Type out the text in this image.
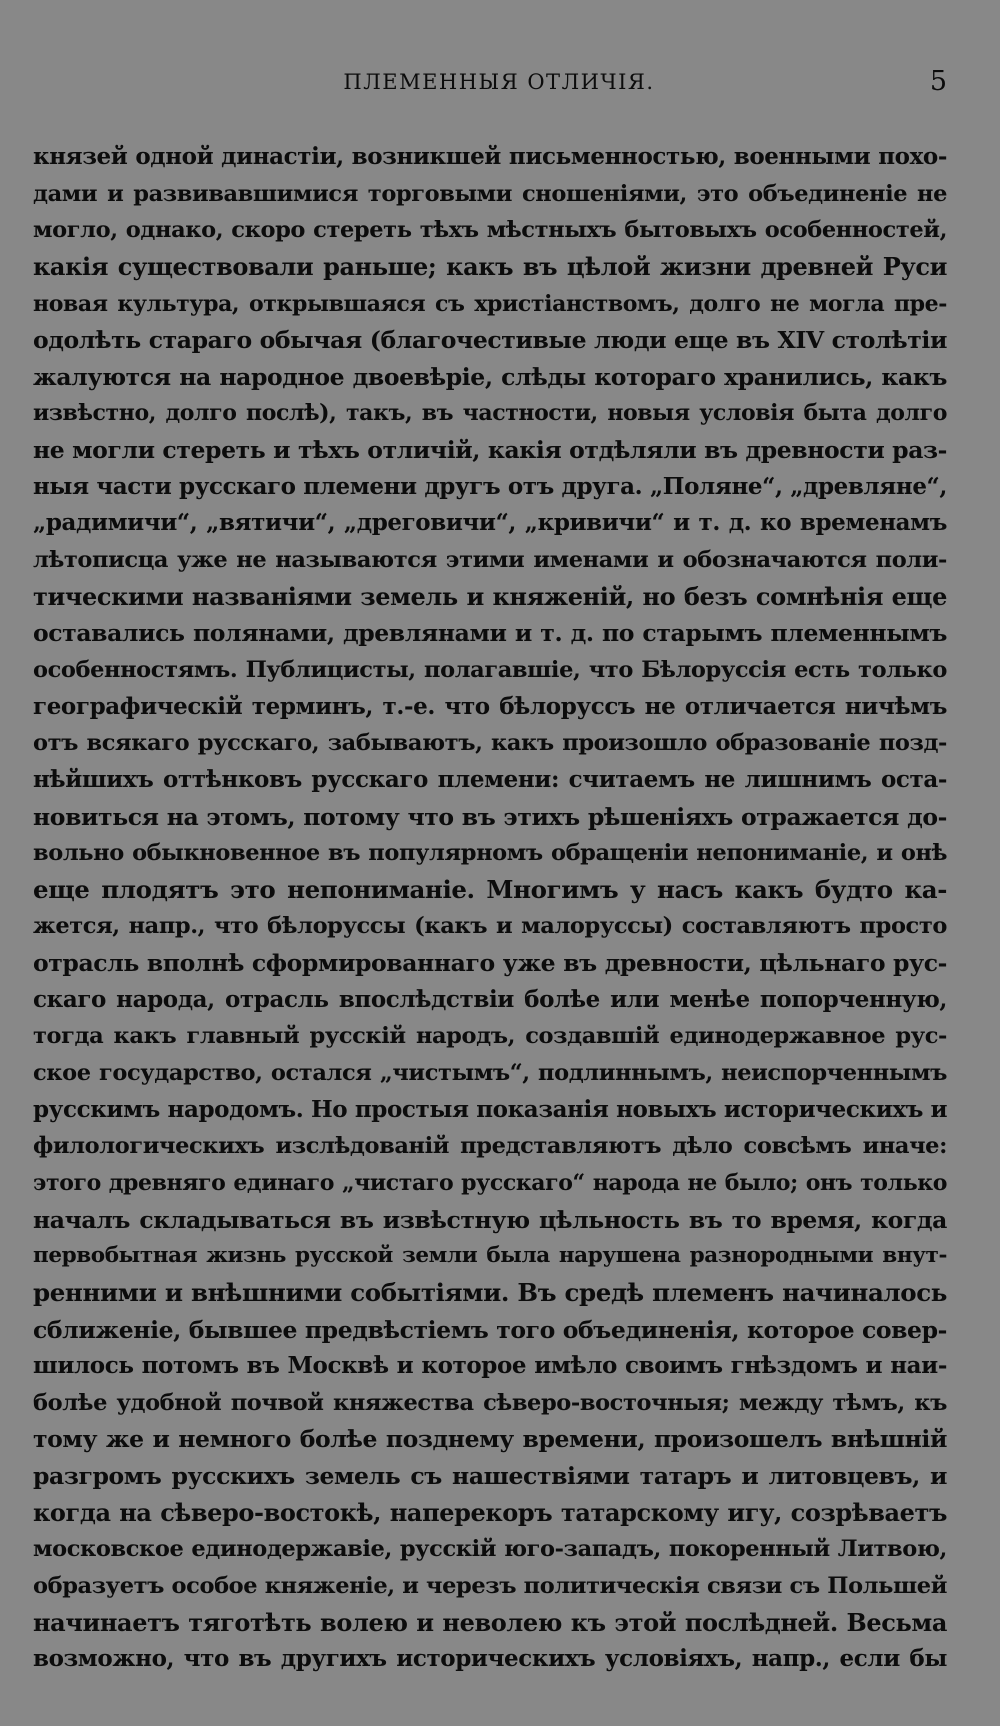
ПЛЕМЕННЫЯ ОТЛИЧІЯ.	5
князей одной династіи, возникшей письменностью, военными похо-
дами и развивавшимися торговыми сношеніями, это объединеніе не
могло, однако, скоро стереть тѣхъ мѣстныхъ бытовыхъ особенностей,
какія существовали раньше; какъ въ цѣлой жизни древней Руси
новая культура, открывшаяся съ христіанствомъ, долго не могла пре-
одолѣть стараго обычая (благочестивые люди еще въ XIV столѣтіи
жалуются на народное двоевѣріе, слѣды котораго хранились, какъ
извѣстно, долго послѣ), такъ, въ частности, новыя условія быта долго
не могли стереть и тѣхъ отличій, какія отдѣляли въ древности раз-
ныя части русскаго племени другъ отъ друга. „Поляне“, „древляне“,
„радимичи“, „вятичи“, „дреговичи“, „кривичи“ и т. д. ко временамъ
лѣтописца уже не называются этими именами и обозначаются поли-
тическими названіями земель и княженій, но безъ сомнѣнія еще
оставались полянами, древлянами и т. д. по старымъ племеннымъ
особенностямъ. Публицисты, полагавшіе, что Бѣлоруссія есть только
географическій терминъ, т.-е. что бѣлоруссъ не отличается ничѣмъ
отъ всякаго русскаго, забываютъ, какъ произошло образованіе позд-
нѣйшихъ оттѣнковъ русскаго племени: считаемъ не лишнимъ оста-
новиться на этомъ, потому что въ этихъ рѣшеніяхъ отражается до-
вольно обыкновенное въ популярномъ обращеніи непониманіе, и онѣ
еще плодятъ это непониманіе. Многимъ у насъ какъ будто ка-
жется, напр., что бѣлоруссы (какъ и малоруссы) составляютъ просто
отрасль вполнѣ сформированнаго уже въ древности, цѣльнаго рус-
скаго народа, отрасль впослѣдствіи болѣе или менѣе попорченную,
тогда какъ главный русскій народъ, создавшій единодержавное рус-
ское государство, остался „чистымъ“, подлиннымъ, неиспорченнымъ
русскимъ народомъ. Но простыя показанія новыхъ историческихъ и
филологическихъ изслѣдованій представляютъ дѣло совсѣмъ иначе:
этого древняго единаго „чистаго русскаго“ народа не было; онъ только
началъ складываться въ извѣстную цѣльность въ то время, когда
первобытная жизнь русской земли была нарушена разнородными внут-
ренними и внѣшними событіями. Въ средѣ племенъ начиналось
сближеніе, бывшее предвѣстіемъ того объединенія, которое совер-
шилось потомъ въ Москвѣ и которое имѣло своимъ гнѣздомъ и наи-
болѣе удобной почвой княжества сѣверо-восточныя; между тѣмъ, къ
тому же и немного болѣе позднему времени, произошелъ внѣшній
разгромъ русскихъ земель съ нашествіями татаръ и литовцевъ, и
когда на сѣверо-востокѣ, наперекоръ татарскому игу, созрѣваетъ
московское единодержавіе, русскій юго-западъ, покоренный Литвою,
образуетъ особое княженіе, и черезъ политическія связи съ Польшей
начинаетъ тяготѣть волею и неволею къ этой послѣдней. Весьма
возможно, что въ другихъ историческихъ условіяхъ, напр., если бы
